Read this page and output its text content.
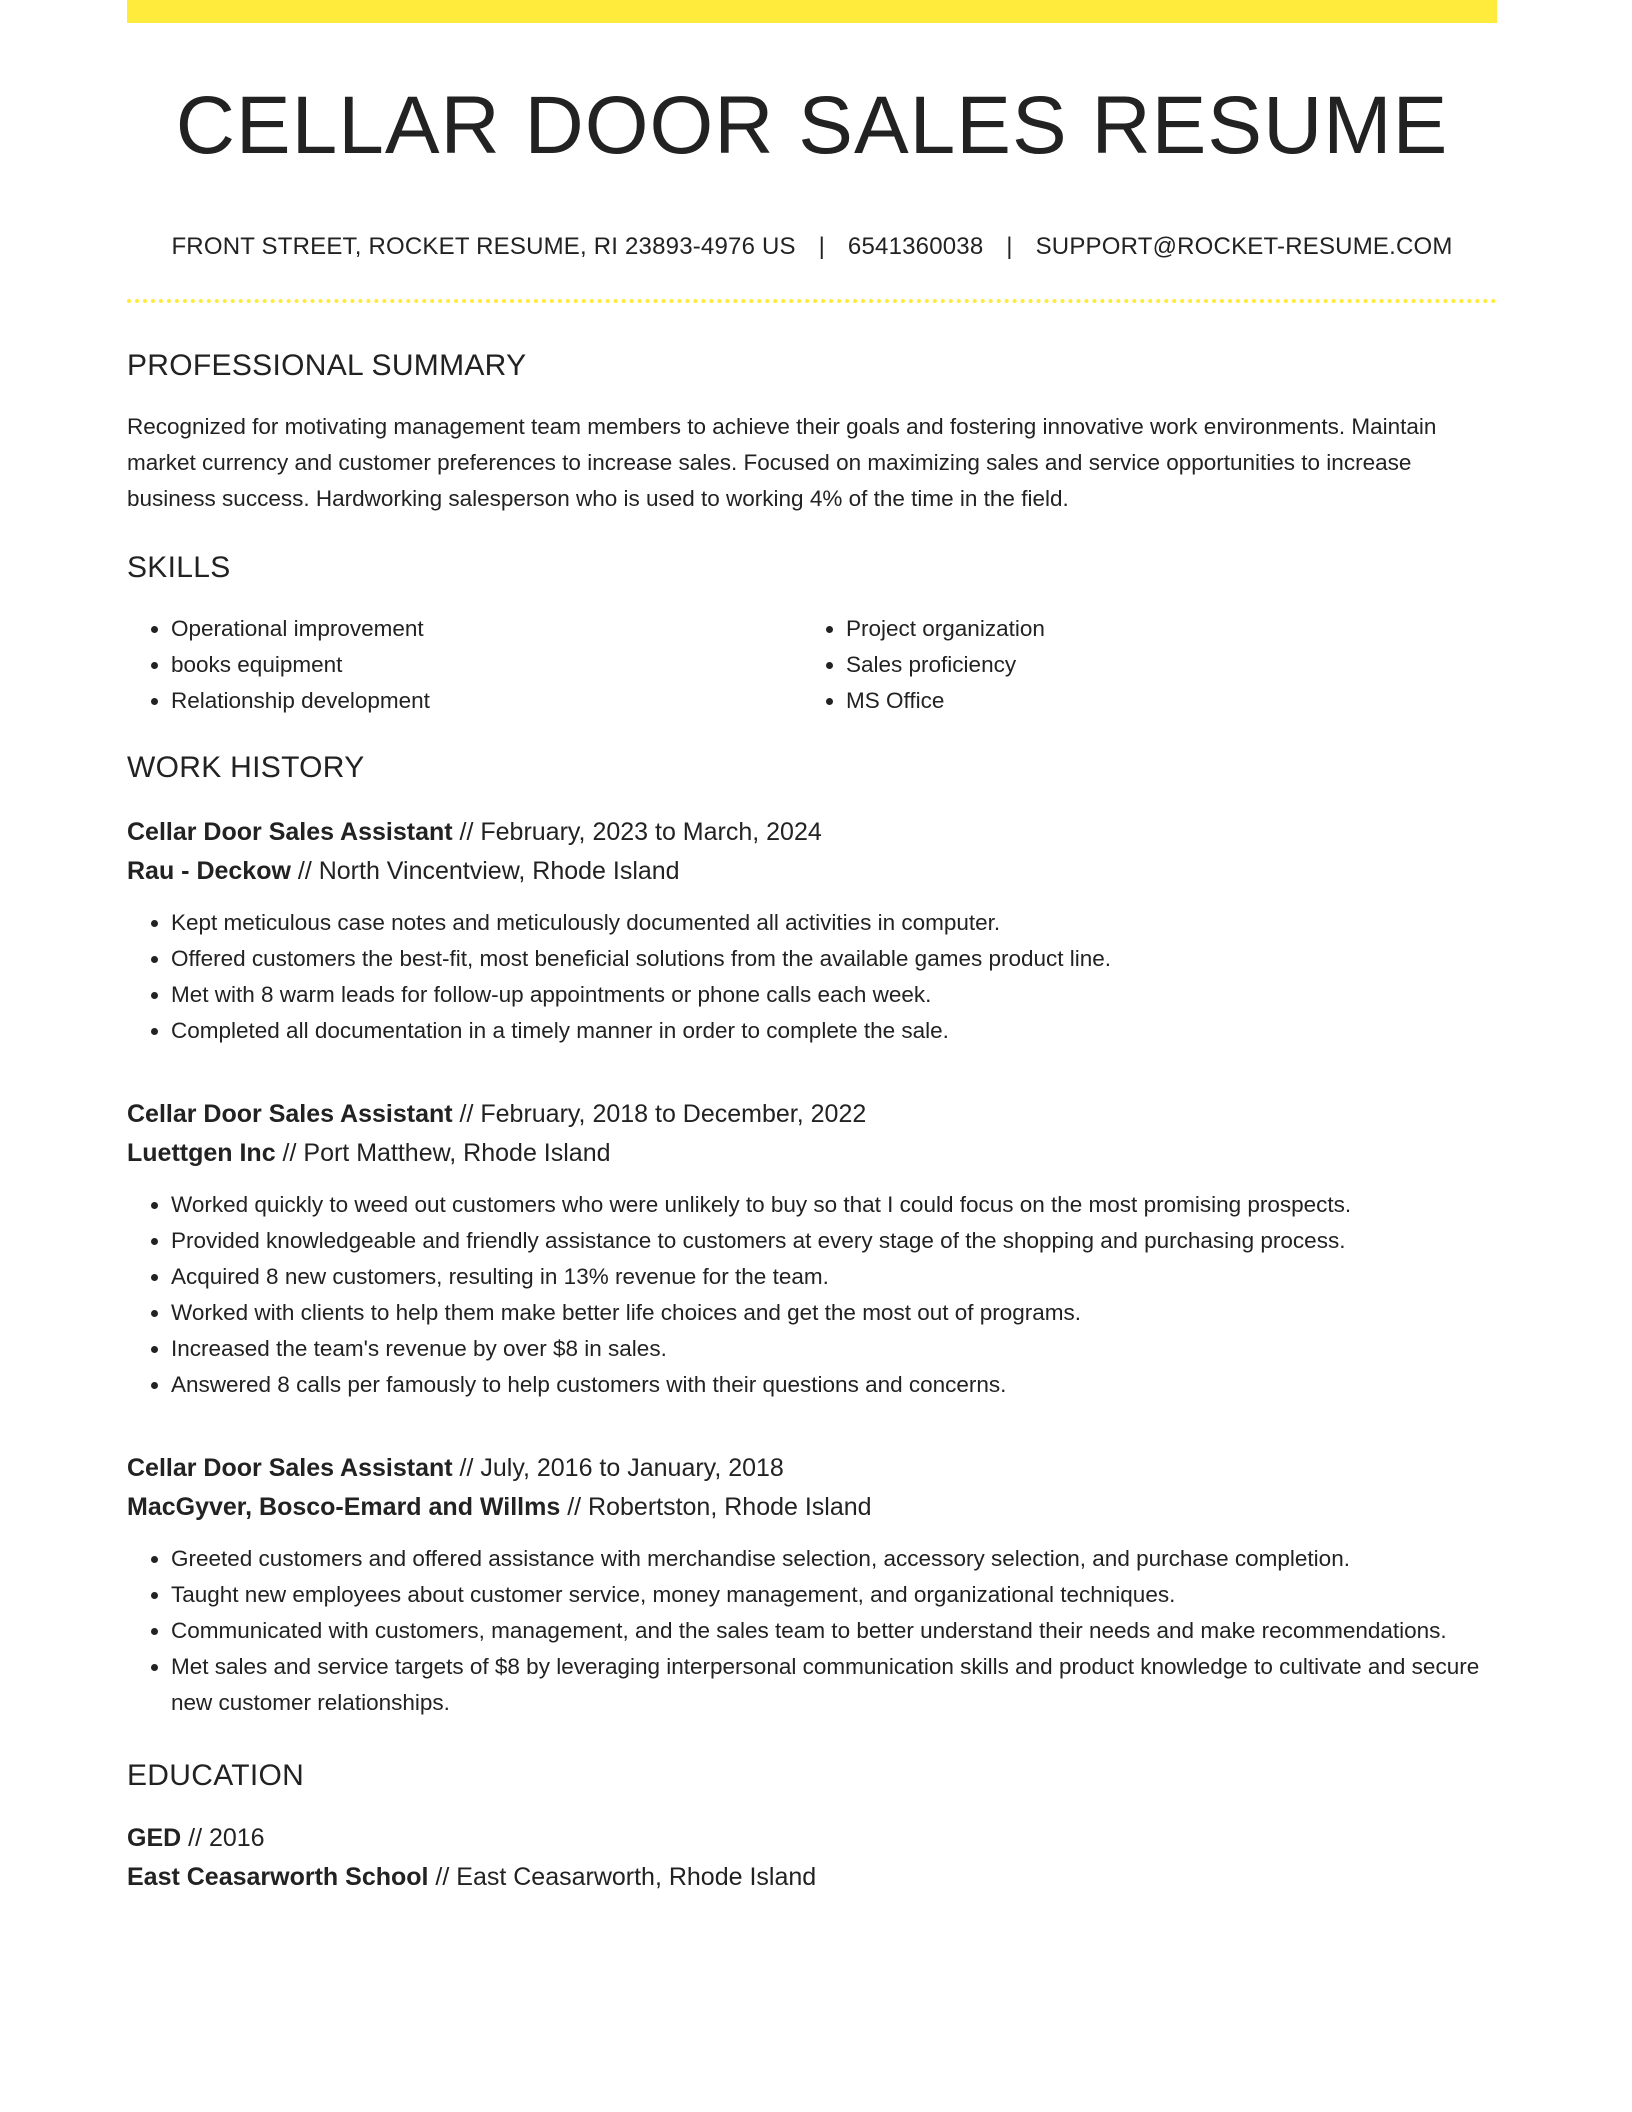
CELLAR DOOR SALES RESUME
FRONT STREET, ROCKET RESUME, RI 23893-4976 US | 6541360038 | SUPPORT@ROCKET-RESUME.COM
PROFESSIONAL SUMMARY
Recognized for motivating management team members to achieve their goals and fostering innovative work environments. Maintain market currency and customer preferences to increase sales. Focused on maximizing sales and service opportunities to increase business success. Hardworking salesperson who is used to working 4% of the time in the field.
SKILLS
• Operational improvement
• books equipment
• Relationship development
• Project organization
• Sales proficiency
• MS Office
WORK HISTORY
Cellar Door Sales Assistant // February, 2023 to March, 2024
Rau - Deckow // North Vincentview, Rhode Island
• Kept meticulous case notes and meticulously documented all activities in computer.
• Offered customers the best-fit, most beneficial solutions from the available games product line.
• Met with 8 warm leads for follow-up appointments or phone calls each week.
• Completed all documentation in a timely manner in order to complete the sale.
Cellar Door Sales Assistant // February, 2018 to December, 2022
Luettgen Inc // Port Matthew, Rhode Island
• Worked quickly to weed out customers who were unlikely to buy so that I could focus on the most promising prospects.
• Provided knowledgeable and friendly assistance to customers at every stage of the shopping and purchasing process.
• Acquired 8 new customers, resulting in 13% revenue for the team.
• Worked with clients to help them make better life choices and get the most out of programs.
• Increased the team's revenue by over $8 in sales.
• Answered 8 calls per famously to help customers with their questions and concerns.
Cellar Door Sales Assistant // July, 2016 to January, 2018
MacGyver, Bosco-Emard and Willms // Robertston, Rhode Island
• Greeted customers and offered assistance with merchandise selection, accessory selection, and purchase completion.
• Taught new employees about customer service, money management, and organizational techniques.
• Communicated with customers, management, and the sales team to better understand their needs and make recommendations.
• Met sales and service targets of $8 by leveraging interpersonal communication skills and product knowledge to cultivate and secure new customer relationships.
EDUCATION
GED // 2016
East Ceasarworth School // East Ceasarworth, Rhode Island
